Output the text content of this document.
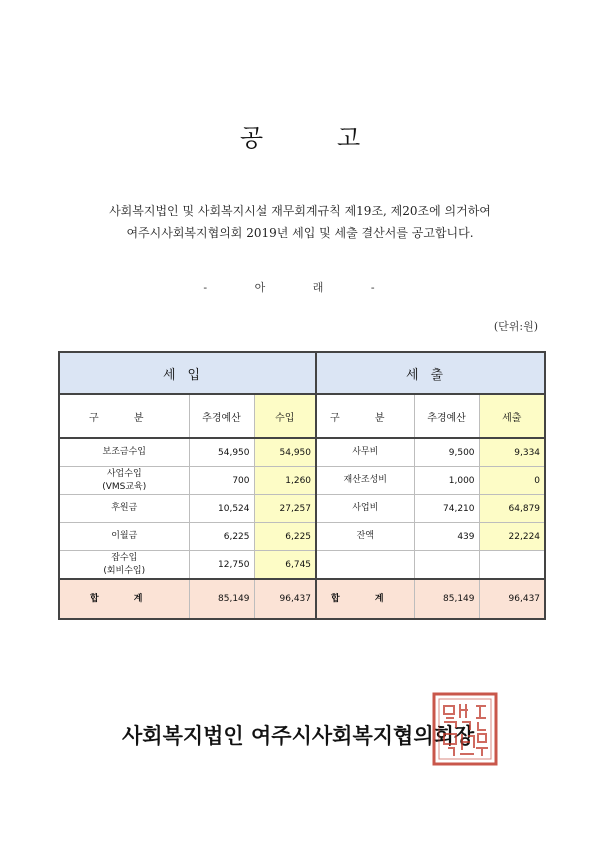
공고
사회복지법인 및 사회복지시설 재무회계규칙 제19조, 제20조에 의거하여
여주시사회복지협의회 2019년 세입 및 세출 결산서를 공고합니다.
- 아 래 -
(단위:원)
세입			세출		
구 분	추경예산	수입	구 분	추경예산	세출

보조금수입	54,950	54,950	사무비	9,500	9,334

사업수입
(VMS교육)	700	1,260	재산조성비	1,000	0

후원금	10,524	27,257	사업비	74,210	64,879

이월금	6,225	6,225	잔액	439	22,224

잡수입
(회비수입)	12,750	6,745			
합 계	85,149	96,437	합 계	85,149	96,437
사회복지법인 여주시사회복지협의회장
